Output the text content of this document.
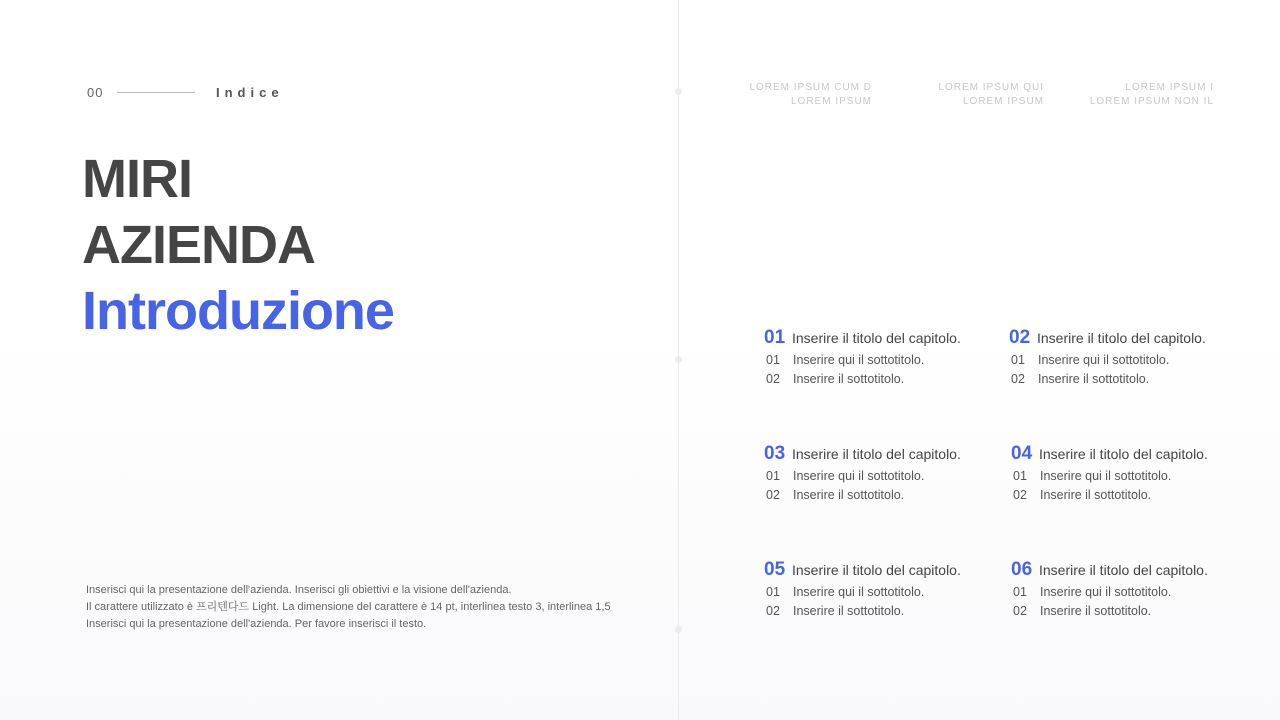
00	Indice
MIRI
AZIENDA
Introduzione
Inserisci qui la presentazione dell'azienda. Inserisci gli obiettivi e la visione dell'azienda.
Il carattere utilizzato è 프리텐다드 Light. La dimensione del carattere è 14 pt, interlinea testo 3, interlinea 1,5
Inserisci qui la presentazione dell'azienda. Per favore inserisci il testo.
LOREM IPSUM CUM D
LOREM IPSUM
LOREM IPSUM QUI
LOREM IPSUM
LOREM IPSUM I
LOREM IPSUM NON IL
01 Inserire il titolo del capitolo.
01	Inserire qui il sottotitolo.
02	Inserire il sottotitolo.
02 Inserire il titolo del capitolo.
01	Inserire qui il sottotitolo.
02	Inserire il sottotitolo.
03 Inserire il titolo del capitolo.
01	Inserire qui il sottotitolo.
02	Inserire il sottotitolo.
04 Inserire il titolo del capitolo.
01	Inserire qui il sottotitolo.
02	Inserire il sottotitolo.
05 Inserire il titolo del capitolo.
01	Inserire qui il sottotitolo.
02	Inserire il sottotitolo.
06 Inserire il titolo del capitolo.
01	Inserire qui il sottotitolo.
02	Inserire il sottotitolo.
